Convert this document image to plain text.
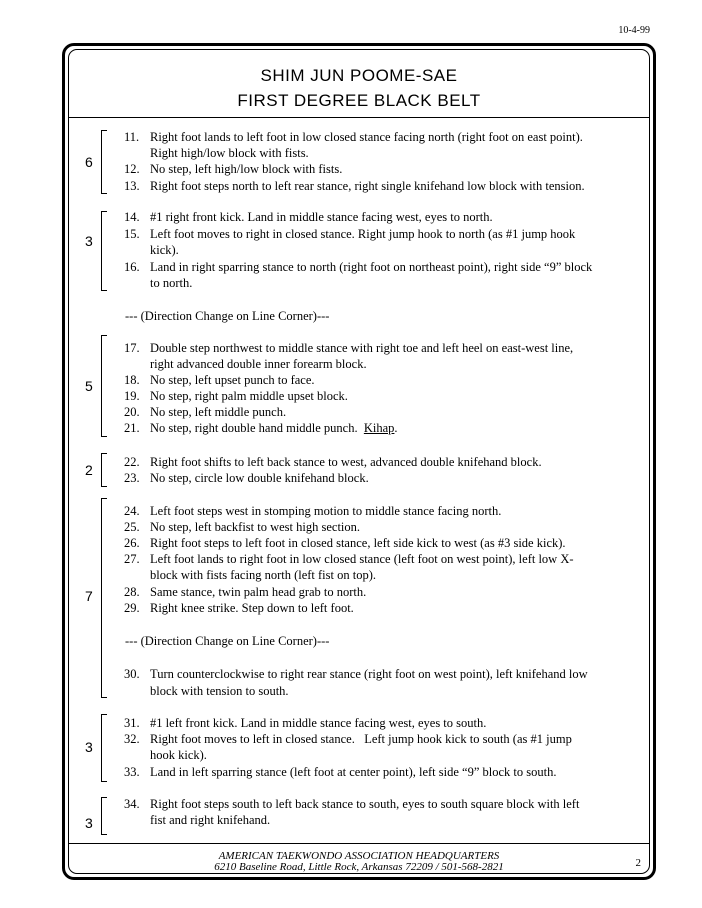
10-4-99
SHIM JUN POOME-SAE
FIRST DEGREE BLACK BELT
6
3
5
2
7
3
3
11. Right foot lands to left foot in low closed stance facing north (right foot on east point).
Right high/low block with fists.
12. No step, left high/low block with fists.
13. Right foot steps north to left rear stance, right single knifehand low block with tension.
14. #1 right front kick. Land in middle stance facing west, eyes to north.
15. Left foot moves to right in closed stance. Right jump hook to north (as #1 jump hook
kick).
16. Land in right sparring stance to north (right foot on northeast point), right side “9” block
to north.
--- (Direction Change on Line Corner)---
17. Double step northwest to middle stance with right toe and left heel on east-west line,
right advanced double inner forearm block.
18. No step, left upset punch to face.
19. No step, right palm middle upset block.
20. No step, left middle punch.
21. No step, right double hand middle punch.  Kihap.
22. Right foot shifts to left back stance to west, advanced double knifehand block.
23. No step, circle low double knifehand block.
24. Left foot steps west in stomping motion to middle stance facing north.
25. No step, left backfist to west high section.
26. Right foot steps to left foot in closed stance, left side kick to west (as #3 side kick).
27. Left foot lands to right foot in low closed stance (left foot on west point), left low X-
block with fists facing north (left fist on top).
28. Same stance, twin palm head grab to north.
29. Right knee strike. Step down to left foot.
--- (Direction Change on Line Corner)---
30. Turn counterclockwise to right rear stance (right foot on west point), left knifehand low
block with tension to south.
31. #1 left front kick. Land in middle stance facing west, eyes to south.
32. Right foot moves to left in closed stance.   Left jump hook kick to south (as #1 jump
hook kick).
33. Land in left sparring stance (left foot at center point), left side “9” block to south.
34. Right foot steps south to left back stance to south, eyes to south square block with left
fist and right knifehand.
AMERICAN TAEKWONDO ASSOCIATION HEADQUARTERS
6210 Baseline Road, Little Rock, Arkansas 72209 / 501-568-2821	2
